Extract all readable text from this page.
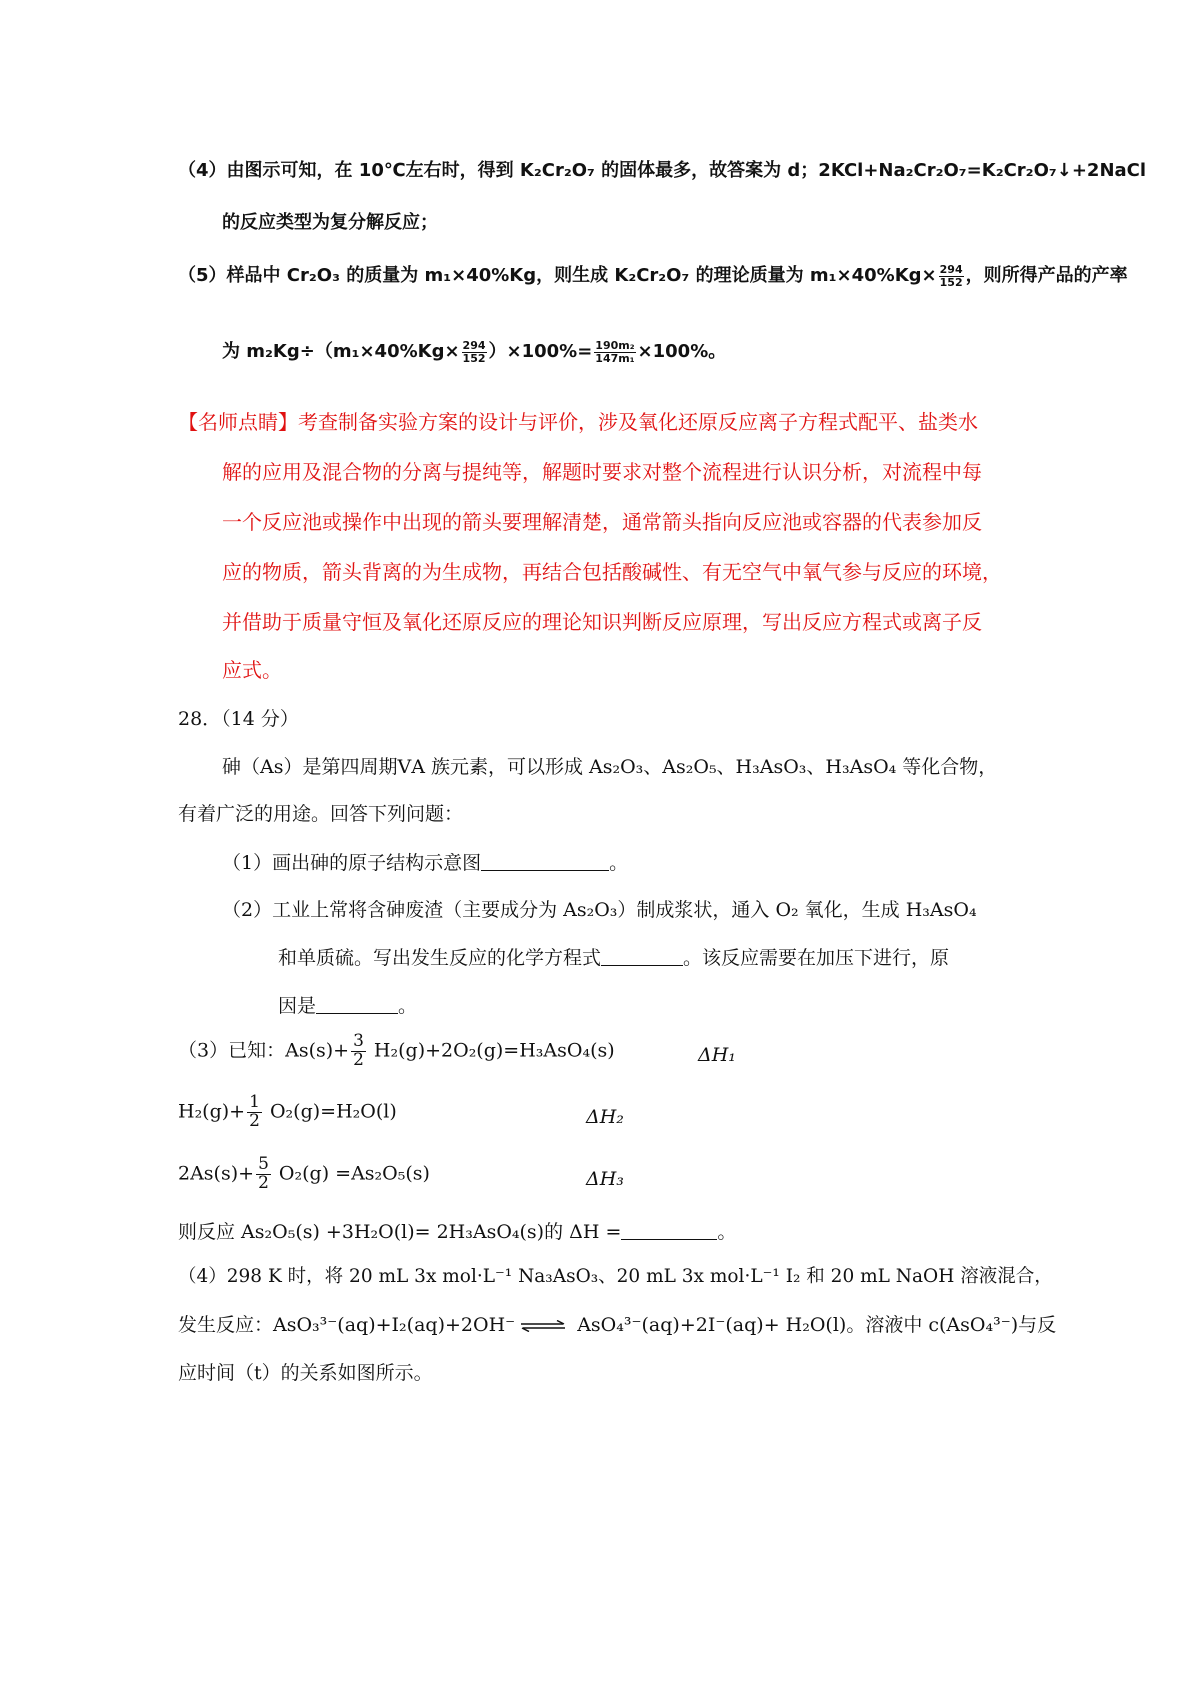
（4）由图示可知，在 10℃左右时，得到 K₂Cr₂O₇ 的固体最多，故答案为 d；2KCl+Na₂Cr₂O₇=K₂Cr₂O₇↓+2NaCl
的反应类型为复分解反应；
（5）样品中 Cr₂O₃ 的质量为 m₁×40%Kg，则生成 K₂Cr₂O₇ 的理论质量为 $m_1\times 40\%Kg\times \frac{294}{152}$ ，则所得产品的产率
为 $m_2Kg\div(m_1\times 40\%Kg\times \frac{294}{152} )\times 100\%= \frac{\text{190m₂}}{\text{147m₁}} \times 100\%$。
【名师点睛】考查制备实验方案的设计与评价，涉及氧化还原反应离子方程式配平、盐类水
解的应用及混合物的分离与提纯等，解题时要求对整个流程进行认识分析，对流程中每
一个反应池或操作中出现的箭头要理解清楚，通常箭头指向反应池或容器的代表参加反
应的物质，箭头背离的为生成物，再结合包括酸碱性、有无空气中氧气参与反应的环境，
并借助于质量守恒及氧化还原反应的理论知识判断反应原理，写出反应方程式或离子反
应式。
28．（14 分）
砷（As）是第四周期ⅤA 族元素，可以形成 As₂O₃、As₂O₅、H₃AsO₃、H₃AsO₄ 等化合物，
有着广泛的用途。回答下列问题：
（1）画出砷的原子结构示意图	。
（2）工业上常将含砷废渣（主要成分为 As₂O₃）制成浆状，通入 O₂ 氧化，生成 H₃AsO₄
和单质硫。写出发生反应的化学方程式	。该反应需要在加压下进行，原
因是	。
（3）已知：$As(s)+ \frac{3}{2} H_2(g)+2O_2(g)=H_3AsO_4(s)$	ΔH₁
$H_2(g)+ \frac{1}{2} O_2(g)=H_2O(l)$	ΔH₂
$2As(s)+ \frac{5}{2} O_2(g) =As_2O_5(s)$	ΔH₃
则反应 As₂O₅(s) +3H₂O(l)= 2H₃AsO₄(s)的 ΔH =	。
（4）298 K 时，将 20 mL 3x mol·L⁻¹ Na₃AsO₃、20 mL 3x mol·L⁻¹ I₂ 和 20 mL NaOH 溶液混合，
发生反应：AsO₃³⁻(aq)+I₂(aq)+2OH⁻ ⇌ AsO₄³⁻(aq)+2I⁻(aq)+ H₂O(l)。溶液中 c(AsO₄³⁻)与反
应时间（t）的关系如图所示。
